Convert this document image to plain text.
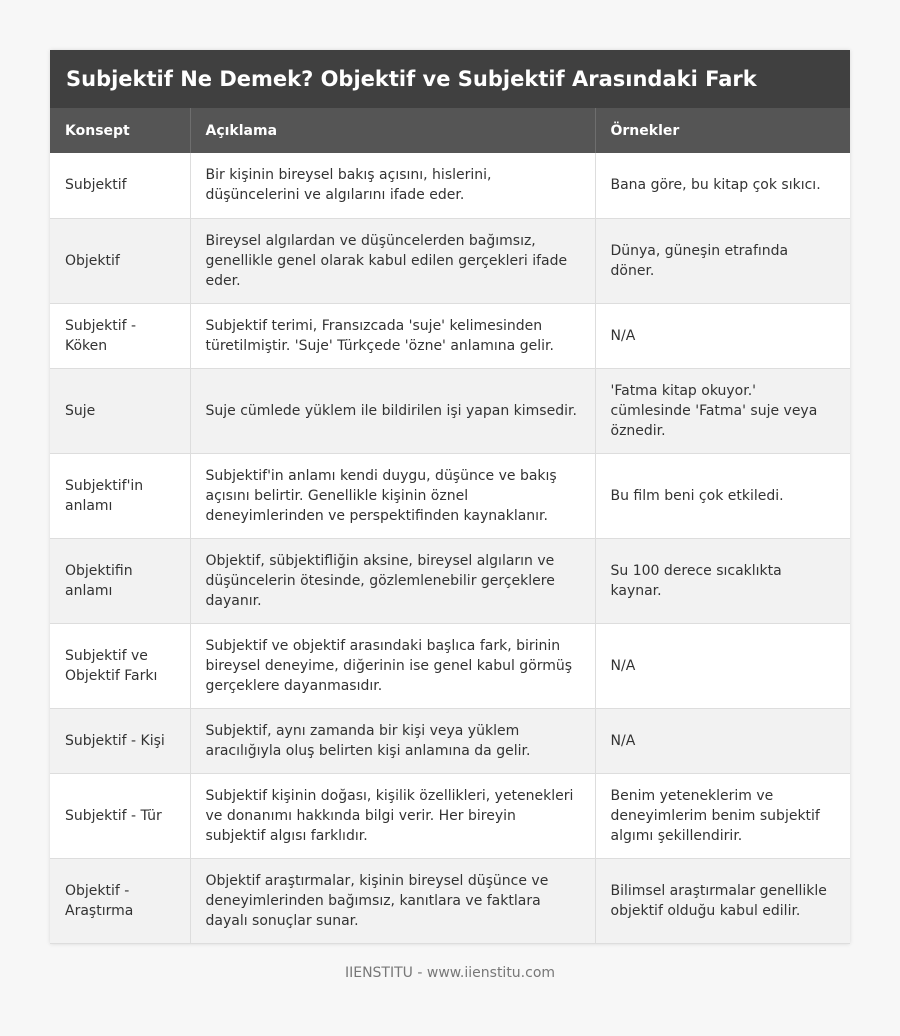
Subjektif Ne Demek? Objektif ve Subjektif Arasındaki Fark
Konsept	Açıklama	Örnekler
Subjektif	Bir kişinin bireysel bakış açısını, hislerini, düşüncelerini ve algılarını ifade eder.	Bana göre, bu kitap çok sıkıcı.
Objektif	Bireysel algılardan ve düşüncelerden bağımsız, genellikle genel olarak kabul edilen gerçekleri ifade eder.	Dünya, güneşin etrafında döner.
Subjektif - Köken	Subjektif terimi, Fransızcada 'suje' kelimesinden türetilmiştir. 'Suje' Türkçede 'özne' anlamına gelir.	N/A
Suje	Suje cümlede yüklem ile bildirilen işi yapan kimsedir.	'Fatma kitap okuyor.' cümlesinde 'Fatma' suje veya öznedir.
Subjektif'in anlamı	Subjektif'in anlamı kendi duygu, düşünce ve bakış açısını belirtir. Genellikle kişinin öznel deneyimlerinden ve perspektifinden kaynaklanır.	Bu film beni çok etkiledi.
Objektifin anlamı	Objektif, sübjektifliğin aksine, bireysel algıların ve düşüncelerin ötesinde, gözlemlenebilir gerçeklere dayanır.	Su 100 derece sıcaklıkta kaynar.
Subjektif ve Objektif Farkı	Subjektif ve objektif arasındaki başlıca fark, birinin bireysel deneyime, diğerinin ise genel kabul görmüş gerçeklere dayanmasıdır.	N/A
Subjektif - Kişi	Subjektif, aynı zamanda bir kişi veya yüklem aracılığıyla oluş belirten kişi anlamına da gelir.	N/A
Subjektif - Tür	Subjektif kişinin doğası, kişilik özellikleri, yetenekleri ve donanımı hakkında bilgi verir. Her bireyin subjektif algısı farklıdır.	Benim yeteneklerim ve deneyimlerim benim subjektif algımı şekillendirir.
Objektif - Araştırma	Objektif araştırmalar, kişinin bireysel düşünce ve deneyimlerinden bağımsız, kanıtlara ve faktlara dayalı sonuçlar sunar.	Bilimsel araştırmalar genellikle objektif olduğu kabul edilir.
IIENSTITU - www.iienstitu.com
